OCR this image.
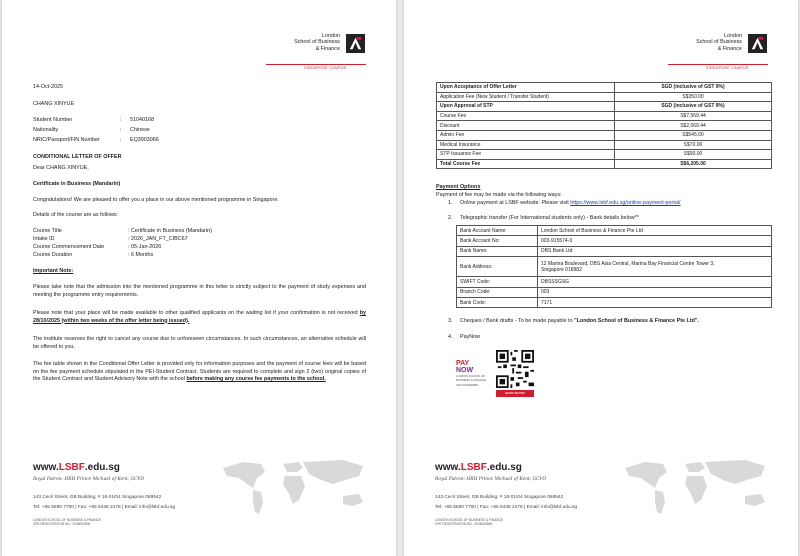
London
School of Business
& Finance
SINGAPORE CAMPUS
14-Oct-2025
CHANG XINYUE
Student Number	: 51040168
Nationality	: Chinese
NRIC/Passport/FIN Number	: EQ3903066
CONDITIONAL LETTER OF OFFER
Dear CHANG XINYUE,
Certificate in Business (Mandarin)
Congratulations! We are pleased to offer you a place in our above mentioned programme in Singapore.
Details of the course are as follows:
Course Title	: Certificate in Business (Mandarin)
Intake ID	: 2026_JAN_FT_CIBC67
Course Commencement Date	: 05-Jan-2026
Course Duration	: 6 Months
Important Note:
Please take note that the admission into the mentioned programme in this letter is strictly subject to the payment of study expenses and meeting the programme entry requirements.
Please note that your place will be made available to other qualified applicants on the waiting list if your confirmation is not received by 28/10/2025 (within two weeks of the offer letter being issued).
The institute reserves the right to cancel any course due to unforeseen circumstances. In such circumstances, an alternative schedule will be offered to you.
The fee table shown in the Conditional Offer Letter is provided only for information purposes and the payment of course fees will be based on the fee payment schedule stipulated in the PEI-Student Contract. Students are required to complete and sign 2 (two) original copies of the Student Contract and Student Advisory Note with the school before making any course fee payments to the school.
www.LSBF.edu.sg
Royal Patron: HRH Prince Michael of Kent, GCVO
143 Cecil Street, GB Building, # 18-01/04 Singapore 069542
Tel: +65 6580 7700 | Fax: +65 6438 2478 | Email: info@lsbf.edu.sg
LONDON SCHOOL OF BUSINESS & FINANCE
CPE REGISTRATION NO.: 200600080K
London
School of Business
& Finance
SINGAPORE CAMPUS
Upon Acceptance of Offer Letter	SGD (inclusive of GST 9%)
Application Fee (New Student / Transfer Student)	S$350.00
Upon Approval of STP	SGD (inclusive of GST 9%)
Course Fee	S$7,569.44
Discount	S$2,069.44
Admin Fee	S$545.00
Medical Insurance	S$70.00
STP Issuance Fee	S$90.00
Total Course Fee	S$6,205.00
Payment Options
Payment of fee may be made via the following ways:
1. Online payment at LSBF website. Please visit https://www.lsbf.edu.sg/online-payment-portal/
2. Telegraphic transfer (For International students only) - Bank details below**
Bank Account Name:	London School of Business & Finance Pte Ltd
Bank Account No:	003-915574-3
Bank Name:	DBS Bank Ltd
Bank Address:	12 Marina Boulevard, DBS Asia Central, Marina Bay Financial Centre Tower 3,
Singapore 018982

SWIFT Code:	DBSSSGSG
Branch Code:	003
Bank Code:	7171
3. Cheques / Bank drafts - To be made payable to "London School of Business & Finance Pte Ltd".
4. PayNow
PAY
NOW
LONDON SCHOOL OF
BUSINESS & FINANCE
UEN 200600080K
SCAN TO PAY
www.LSBF.edu.sg
Royal Patron: HRH Prince Michael of Kent, GCVO
143 Cecil Street, GB Building, # 18-01/04 Singapore 069542
Tel: +65 6580 7700 | Fax: +65 6438 2478 | Email: info@lsbf.edu.sg
LONDON SCHOOL OF BUSINESS & FINANCE
CPE REGISTRATION NO.: 200600080K
